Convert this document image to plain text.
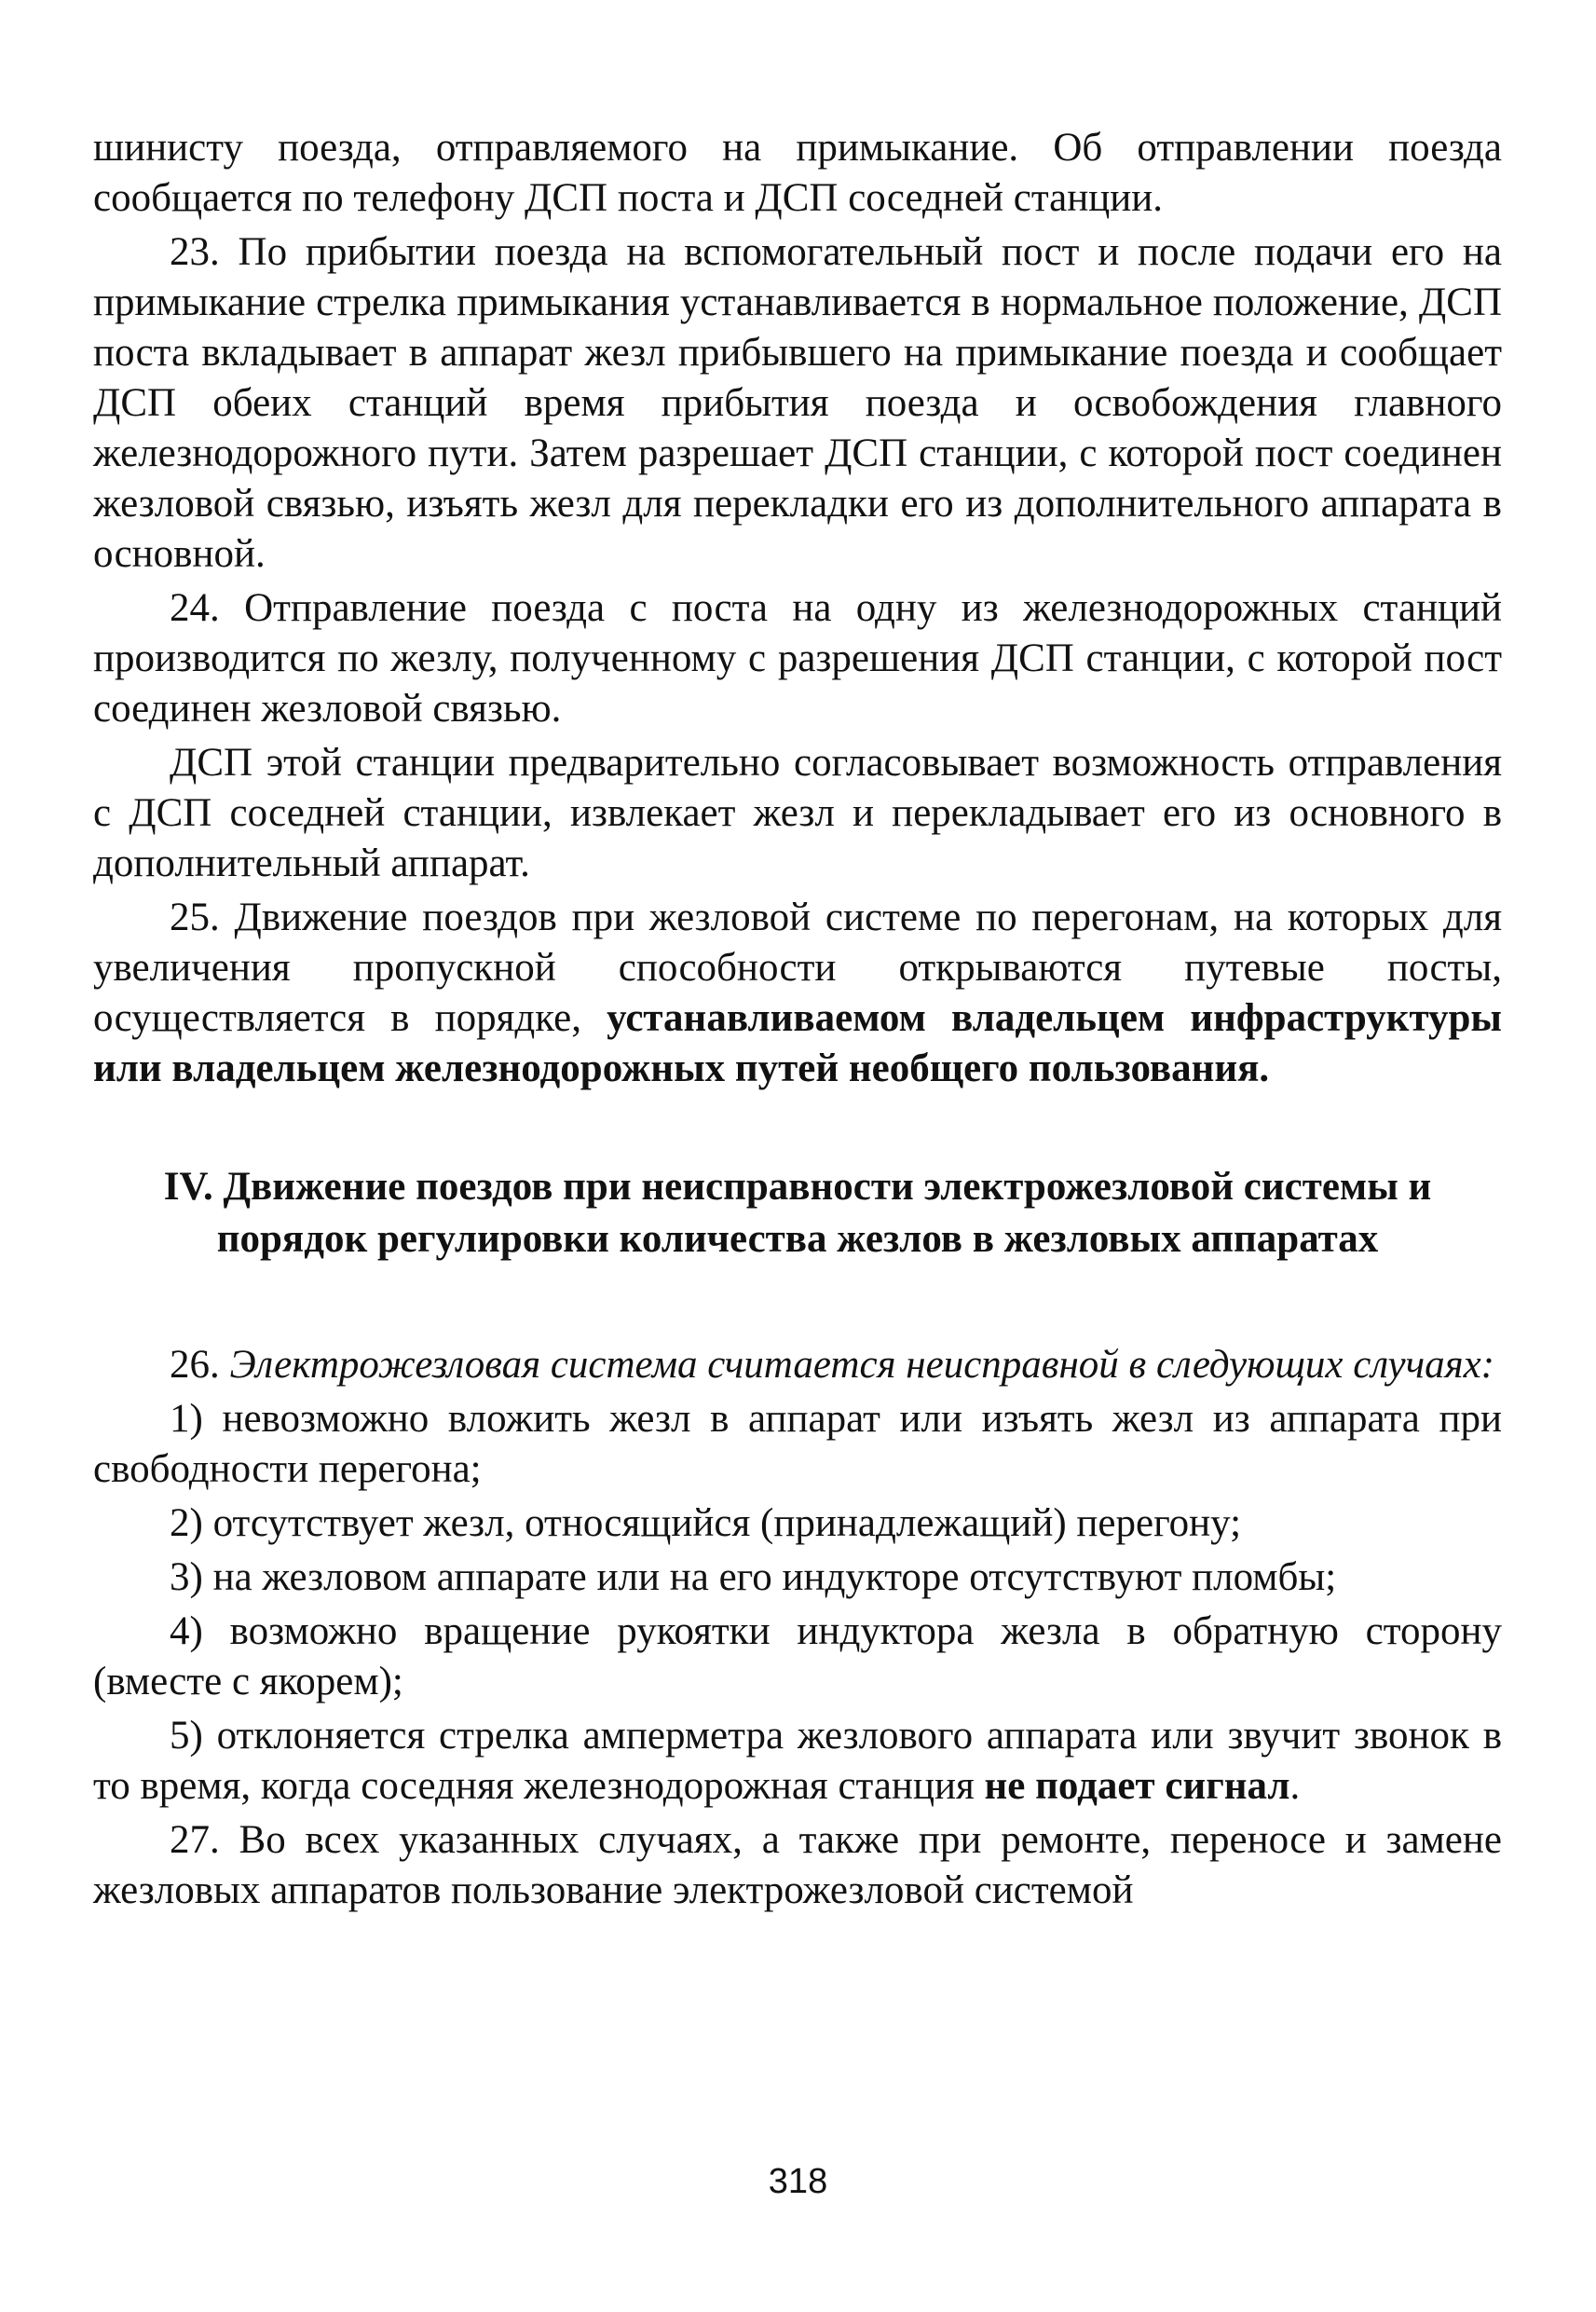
шинисту поезда, отправляемого на примыкание. Об отправлении поезда сообщается по телефону ДСП поста и ДСП соседней станции.

23. По прибытии поезда на вспомогательный пост и после подачи его на примыкание стрелка примыкания устанавливается в нормальное положение, ДСП поста вкладывает в аппарат жезл прибывшего на примыкание поезда и сообщает ДСП обеих станций время прибытия поезда и освобождения главного железнодорожного пути. Затем разрешает ДСП станции, с которой пост соединен жезловой связью, изъять жезл для перекладки его из дополнительного аппарата в основной.

24. Отправление поезда с поста на одну из железнодорожных станций производится по жезлу, полученному с разрешения ДСП станции, с которой пост соединен жезловой связью.

ДСП этой станции предварительно согласовывает возможность отправления с ДСП соседней станции, извлекает жезл и перекладывает его из основного в дополнительный аппарат.

25. Движение поездов при жезловой системе по перегонам, на которых для увеличения пропускной способности открываются путевые посты, осуществляется в порядке, устанавливаемом владельцем инфраструктуры или владельцем железнодорожных путей необщего пользования.

IV. Движение поездов при неисправности электрожезловой системы и порядок регулировки количества жезлов в жезловых аппаратах

26. Электрожезловая система считается неисправной в следующих случаях:

1) невозможно вложить жезл в аппарат или изъять жезл из аппарата при свободности перегона;

2) отсутствует жезл, относящийся (принадлежащий) перегону;

3) на жезловом аппарате или на его индукторе отсутствуют пломбы;

4) возможно вращение рукоятки индуктора жезла в обратную сторону (вместе с якорем);

5) отклоняется стрелка амперметра жезлового аппарата или звучит звонок в то время, когда соседняя железнодорожная станция не подает сигнал.

27. Во всех указанных случаях, а также при ремонте, переносе и замене жезловых аппаратов пользование электрожезловой системой

318
